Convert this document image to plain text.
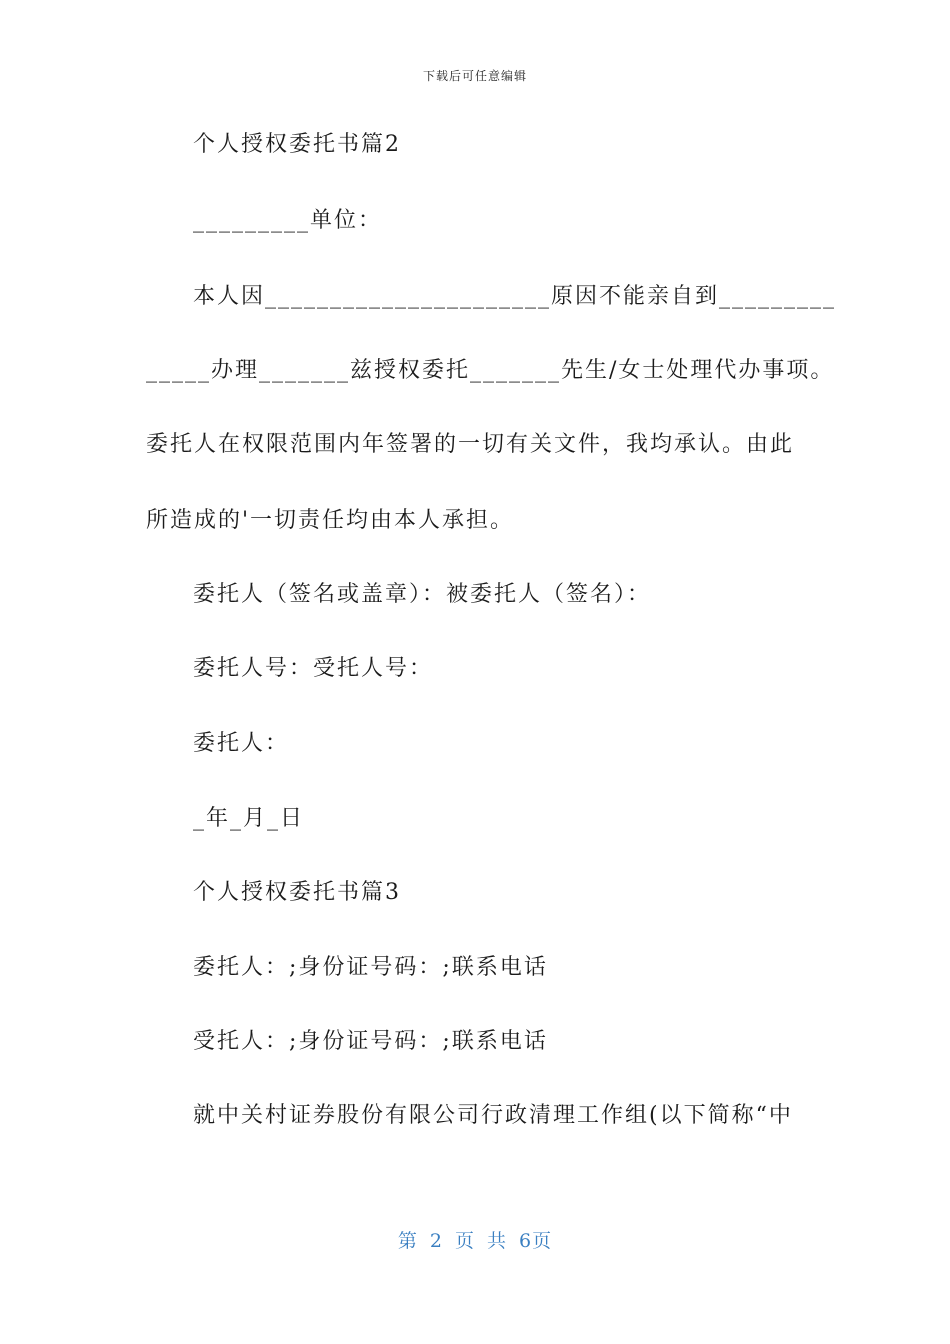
下载后可任意编辑
个人授权委托书篇2
_________单位：
本人因______________________原因不能亲自到_________
_____办理_______兹授权委托_______先生/女士处理代办事项。
委托人在权限范围内年签署的一切有关文件，我均承认。由此
所造成的'一切责任均由本人承担。
委托人（签名或盖章）：被委托人（签名）：
委托人号：受托人号：
委托人：
_年_月_日
个人授权委托书篇3
委托人：;身份证号码：;联系电话
受托人：;身份证号码：;联系电话
就中关村证券股份有限公司行政清理工作组(以下简称“中
第 2 页 共 6页
